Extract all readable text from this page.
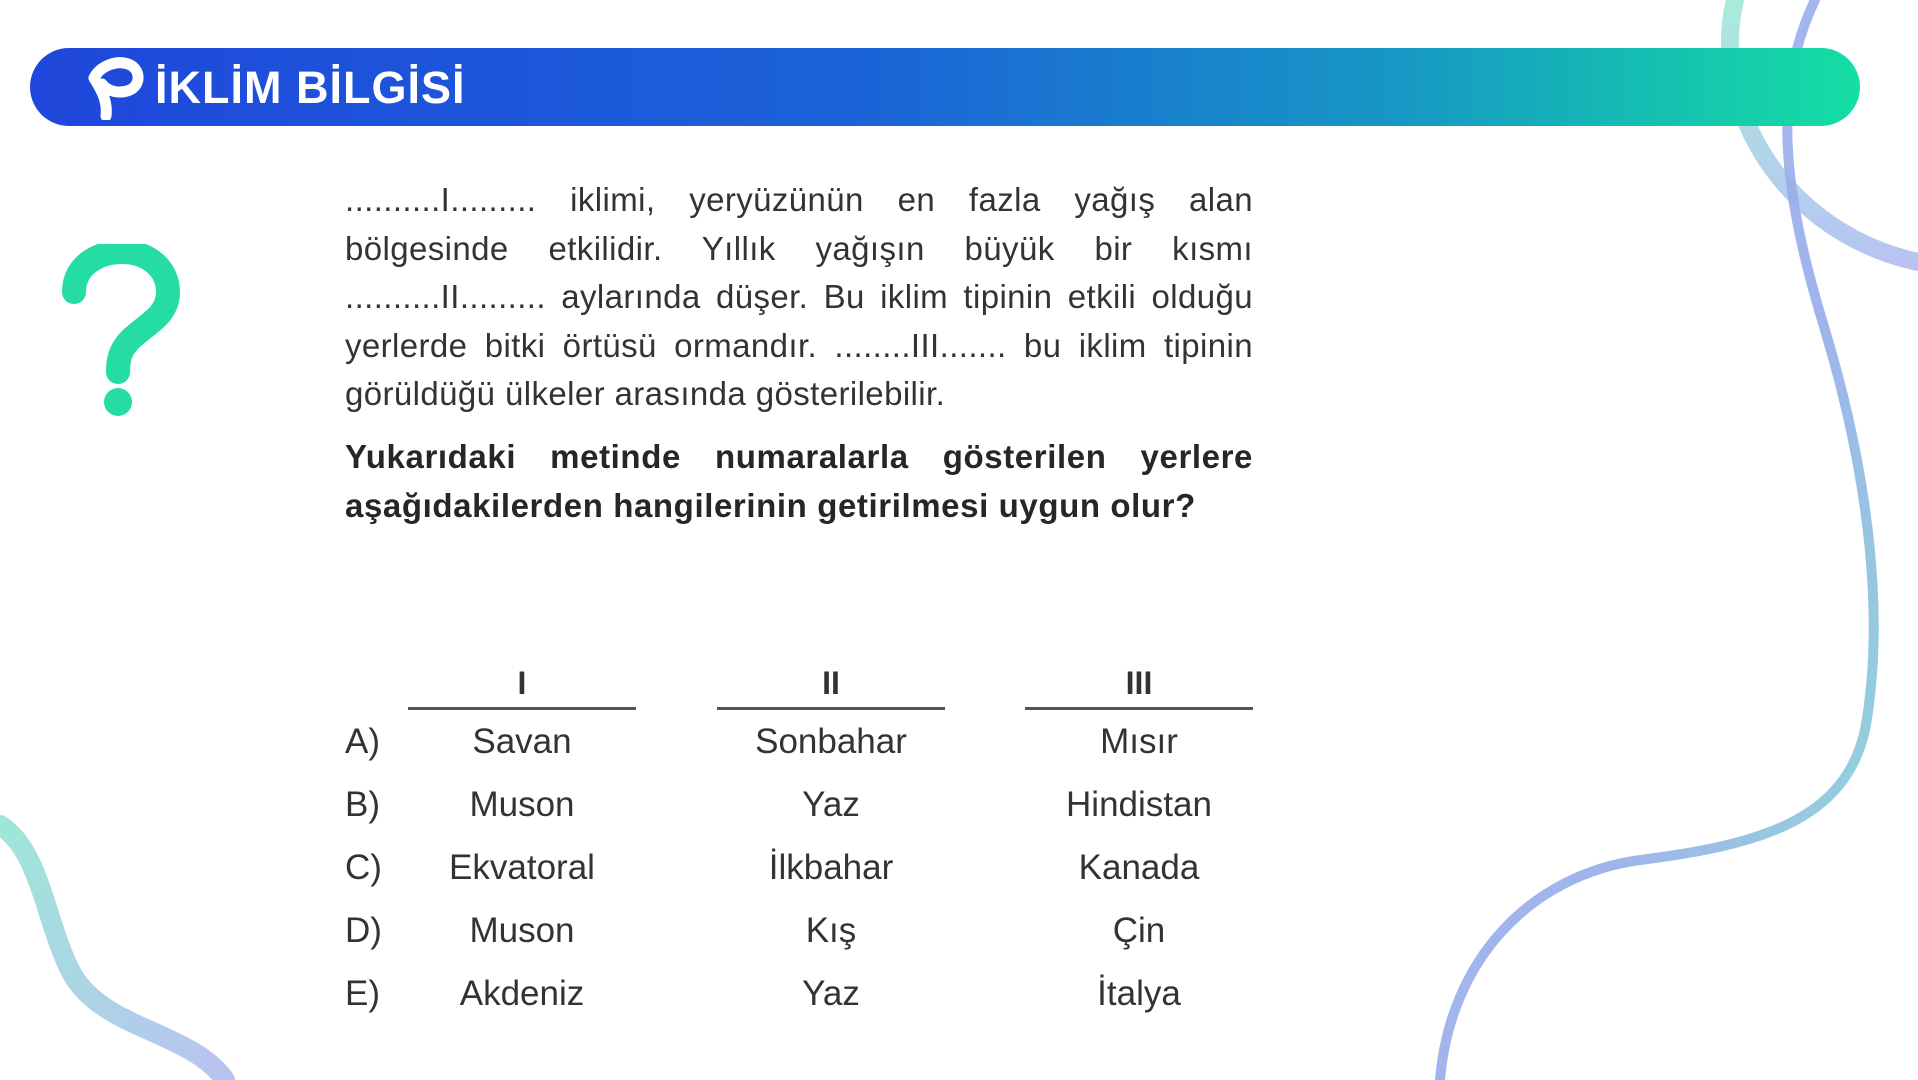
İKLİM BİLGİSİ

..........I......... iklimi, yeryüzünün en fazla yağış alan bölgesinde etkilidir. Yıllık yağışın büyük bir kısmı ..........II......... aylarında düşer. Bu iklim tipinin etkili olduğu yerlerde bitki örtüsü ormandır. ........III....... bu iklim tipinin görüldüğü ülkeler arasında gösterilebilir.

Yukarıdaki metinde numaralarla gösterilen yerlere aşağıdakilerden hangilerinin getirilmesi uygun olur?

I	II	III
A)	Savan	Sonbahar	Mısır
B)	Muson	Yaz	Hindistan
C)	Ekvatoral	İlkbahar	Kanada
D)	Muson	Kış	Çin
E)	Akdeniz	Yaz	İtalya
